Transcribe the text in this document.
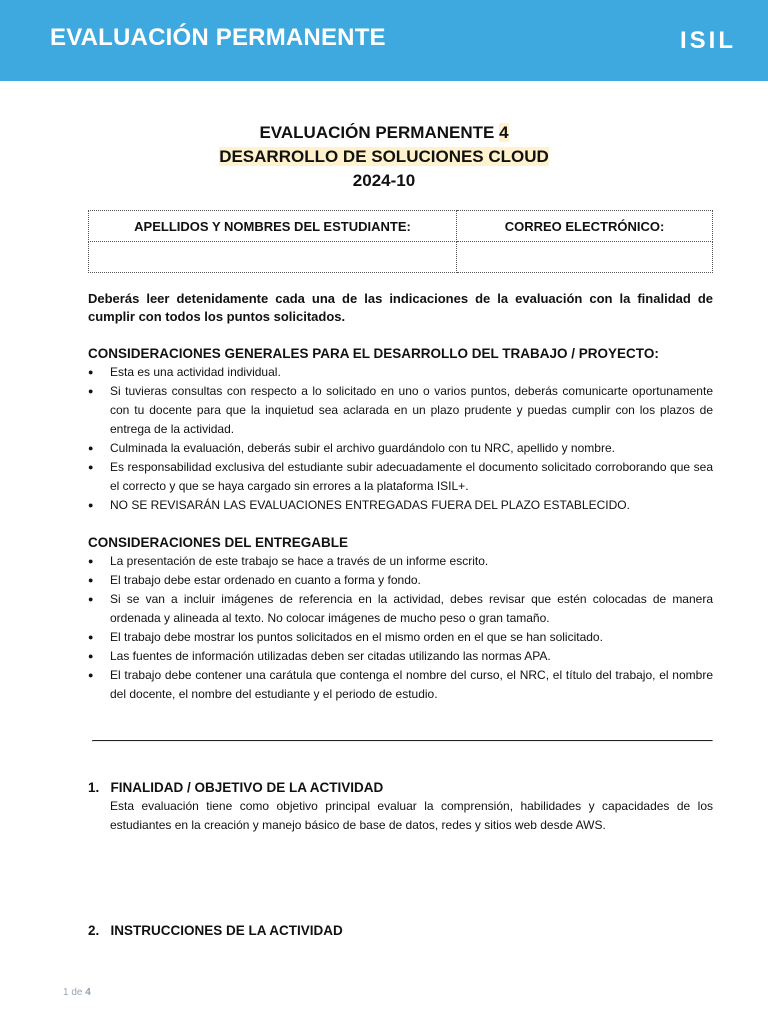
EVALUACIÓN PERMANENTE	ISIL
EVALUACIÓN PERMANENTE 4
DESARROLLO DE SOLUCIONES CLOUD
2024-10
APELLIDOS Y NOMBRES DEL ESTUDIANTE:	CORREO ELECTRÓNICO:

Deberás leer detenidamente cada una de las indicaciones de la evaluación con la finalidad de cumplir con todos los puntos solicitados.

CONSIDERACIONES GENERALES PARA EL DESARROLLO DEL TRABAJO / PROYECTO:

● Esta es una actividad individual.
● Si tuvieras consultas con respecto a lo solicitado en uno o varios puntos, deberás comunicarte oportunamente con tu docente para que la inquietud sea aclarada en un plazo prudente y puedas cumplir con los plazos de entrega de la actividad.
● Culminada la evaluación, deberás subir el archivo guardándolo con tu NRC, apellido y nombre.
● Es responsabilidad exclusiva del estudiante subir adecuadamente el documento solicitado corroborando que sea el correcto y que se haya cargado sin errores a la plataforma ISIL+.
● NO SE REVISARÁN LAS EVALUACIONES ENTREGADAS FUERA DEL PLAZO ESTABLECIDO.

CONSIDERACIONES DEL ENTREGABLE

● La presentación de este trabajo se hace a través de un informe escrito.
● El trabajo debe estar ordenado en cuanto a forma y fondo.
● Si se van a incluir imágenes de referencia en la actividad, debes revisar que estén colocadas de manera ordenada y alineada al texto. No colocar imágenes de mucho peso o gran tamaño.
● El trabajo debe mostrar los puntos solicitados en el mismo orden en el que se han solicitado.
● Las fuentes de información utilizadas deben ser citadas utilizando las normas APA.
● El trabajo debe contener una carátula que contenga el nombre del curso, el NRC, el título del trabajo, el nombre del docente, el nombre del estudiante y el periodo de estudio.

1.   FINALIDAD / OBJETIVO DE LA ACTIVIDAD

Esta evaluación tiene como objetivo principal evaluar la comprensión, habilidades y capacidades de los estudiantes en la creación y manejo básico de base de datos, redes y sitios web desde AWS.

2.   INSTRUCCIONES DE LA ACTIVIDAD

1 de 4
